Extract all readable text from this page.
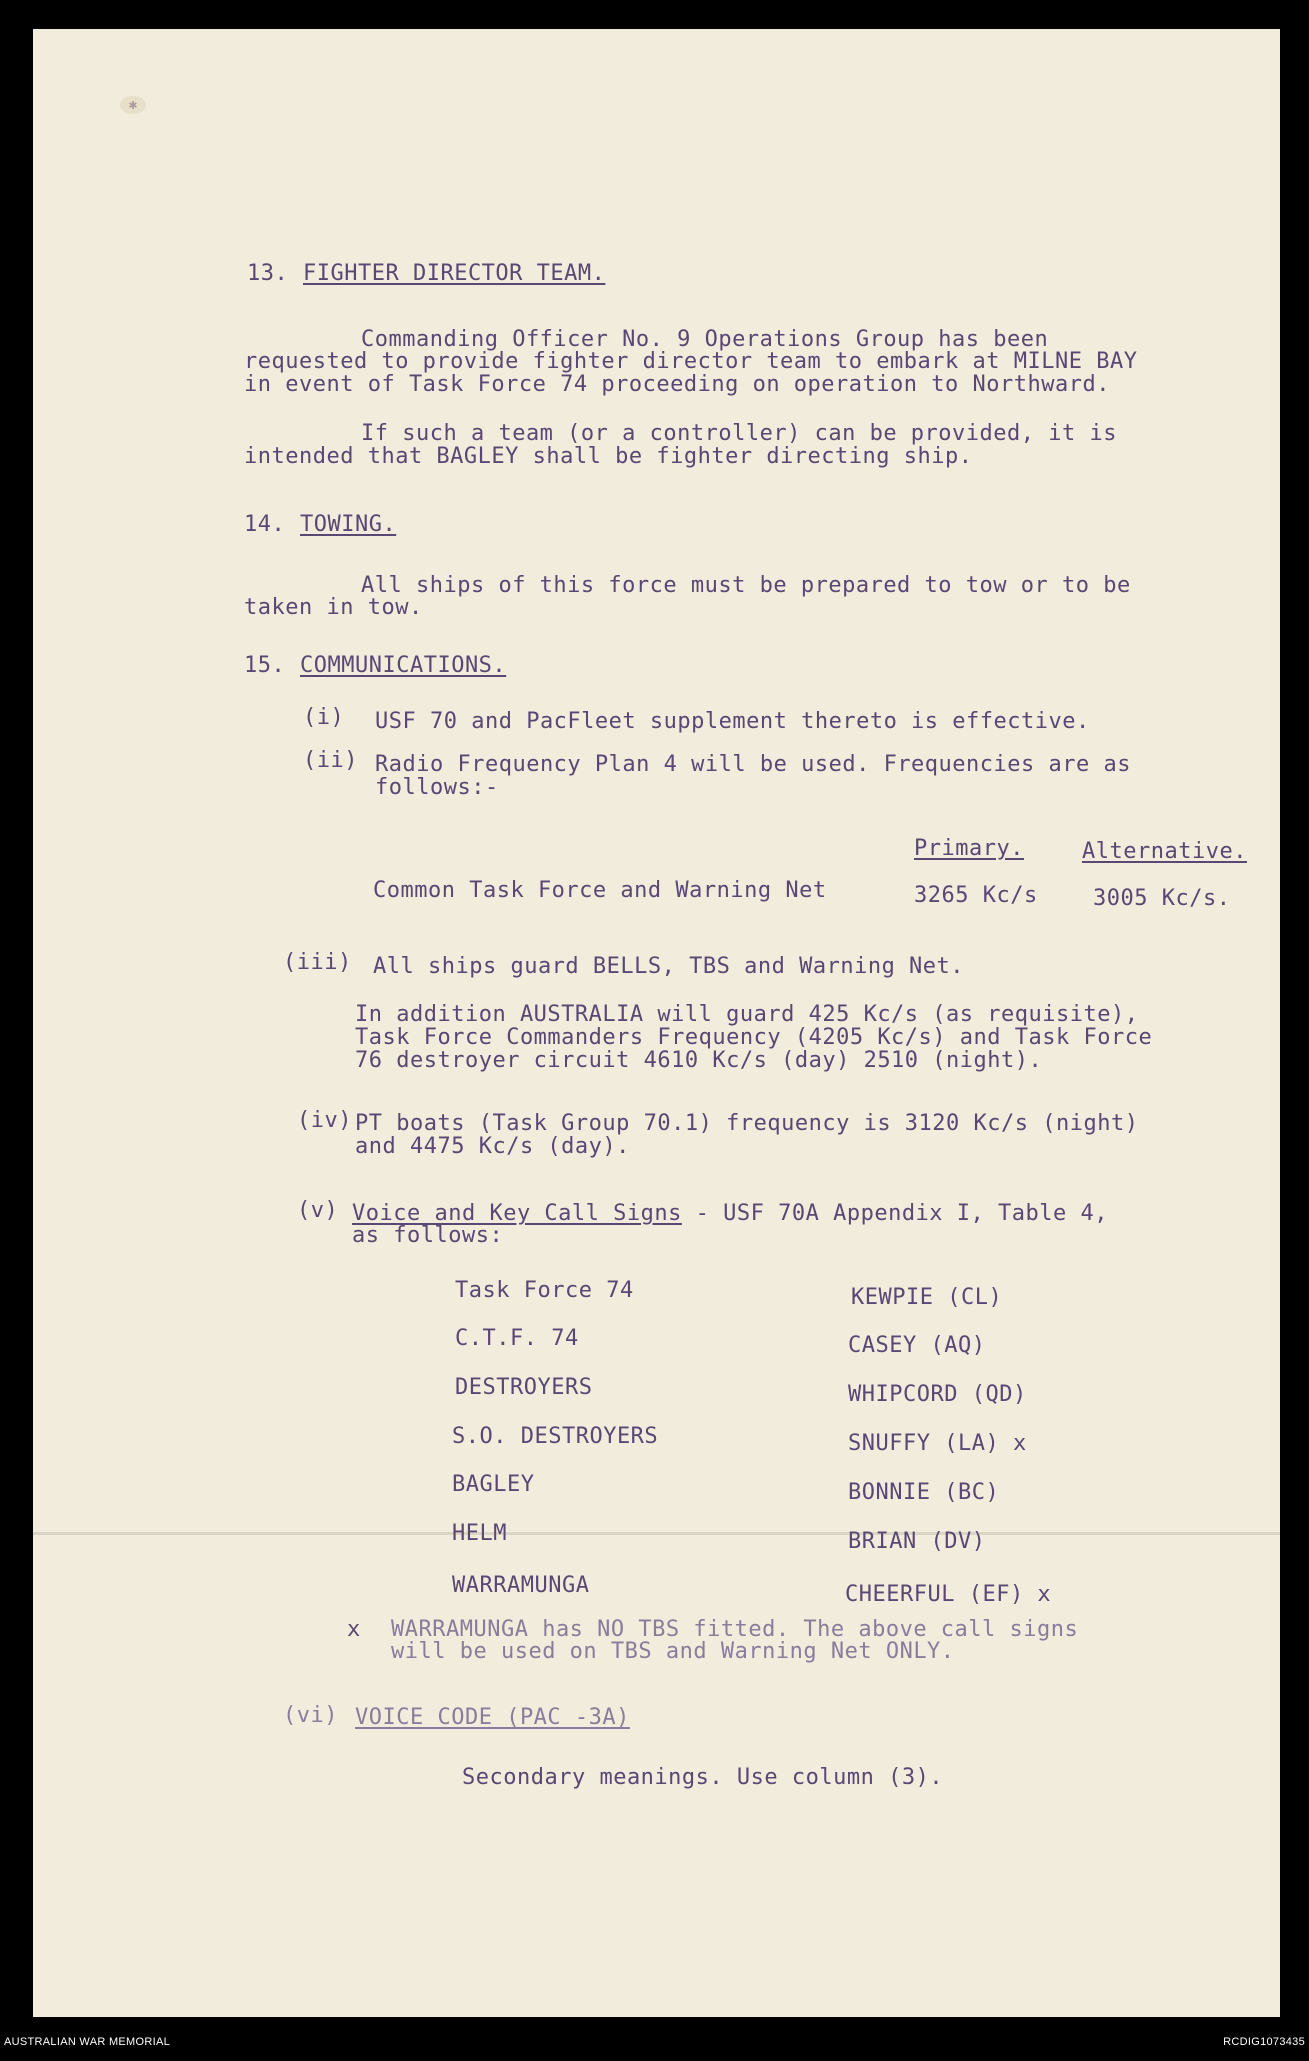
✱
13. FIGHTER DIRECTOR TEAM.
Commanding Officer No. 9 Operations Group has been
requested to provide fighter director team to embark at MILNE BAY
in event of Task Force 74 proceeding on operation to Northward.
If such a team (or a controller) can be provided, it is
intended that BAGLEY shall be fighter directing ship.
14. TOWING.
All ships of this force must be prepared to tow or to be
taken in tow.
15. COMMUNICATIONS.
(i) USF 70 and PacFleet supplement thereto is effective.
(ii) Radio Frequency Plan 4 will be used. Frequencies are as
follows:-
Primary.	Alternative.
Common Task Force and Warning Net	3265 Kc/s	3005 Kc/s.
(iii) All ships guard BELLS, TBS and Warning Net.
In addition AUSTRALIA will guard 425 Kc/s (as requisite),
Task Force Commanders Frequency (4205 Kc/s) and Task Force
76 destroyer circuit 4610 Kc/s (day) 2510 (night).
(iv) PT boats (Task Group 70.1) frequency is 3120 Kc/s (night)
and 4475 Kc/s (day).
(v) Voice and Key Call Signs - USF 70A Appendix I, Table 4,
as follows:
Task Force 74	KEWPIE (CL)
C.T.F. 74	CASEY (AQ)
DESTROYERS	WHIPCORD (QD)
S.O. DESTROYERS	SNUFFY (LA) x
BAGLEY	BONNIE (BC)
HELM	BRIAN (DV)
WARRAMUNGA	CHEERFUL (EF) x
x WARRAMUNGA has NO TBS fitted. The above call signs
will be used on TBS and Warning Net ONLY.
(vi) VOICE CODE (PAC -3A)
Secondary meanings. Use column (3).
AUSTRALIAN WAR MEMORIAL	RCDIG1073435
